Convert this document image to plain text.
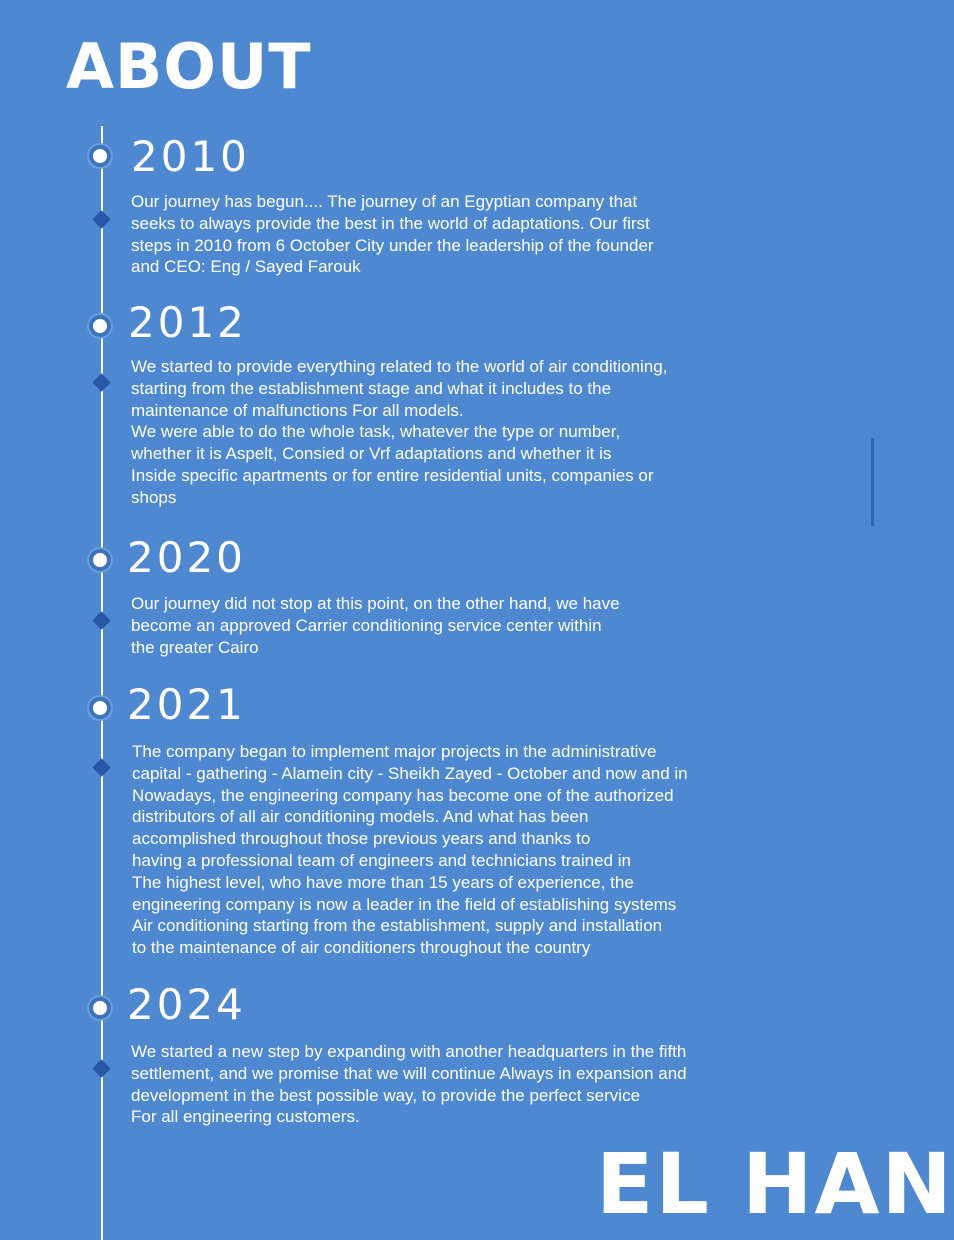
ABOUT
2010
Our journey has begun.... The journey of an Egyptian company that
seeks to always provide the best in the world of adaptations. Our first
steps in 2010 from 6 October City under the leadership of the founder
and CEO: Eng / Sayed Farouk
2012
We started to provide everything related to the world of air conditioning,
starting from the establishment stage and what it includes to the
maintenance of malfunctions For all models.
We were able to do the whole task, whatever the type or number,
whether it is Aspelt, Consied or Vrf adaptations and whether it is
Inside specific apartments or for entire residential units, companies or
shops
2020
Our journey did not stop at this point, on the other hand, we have
become an approved Carrier conditioning service center within
the greater Cairo
2021
The company began to implement major projects in the administrative
capital - gathering - Alamein city - Sheikh Zayed - October and now and in
Nowadays, the engineering company has become one of the authorized
distributors of all air conditioning models. And what has been
accomplished throughout those previous years and thanks to
having a professional team of engineers and technicians trained in
The highest level, who have more than 15 years of experience, the
engineering company is now a leader in the field of establishing systems
Air conditioning starting from the establishment, supply and installation
to the maintenance of air conditioners throughout the country
2024
We started a new step by expanding with another headquarters in the fifth
settlement, and we promise that we will continue Always in expansion and
development in the best possible way, to provide the perfect service
For all engineering customers.
EL HAN
